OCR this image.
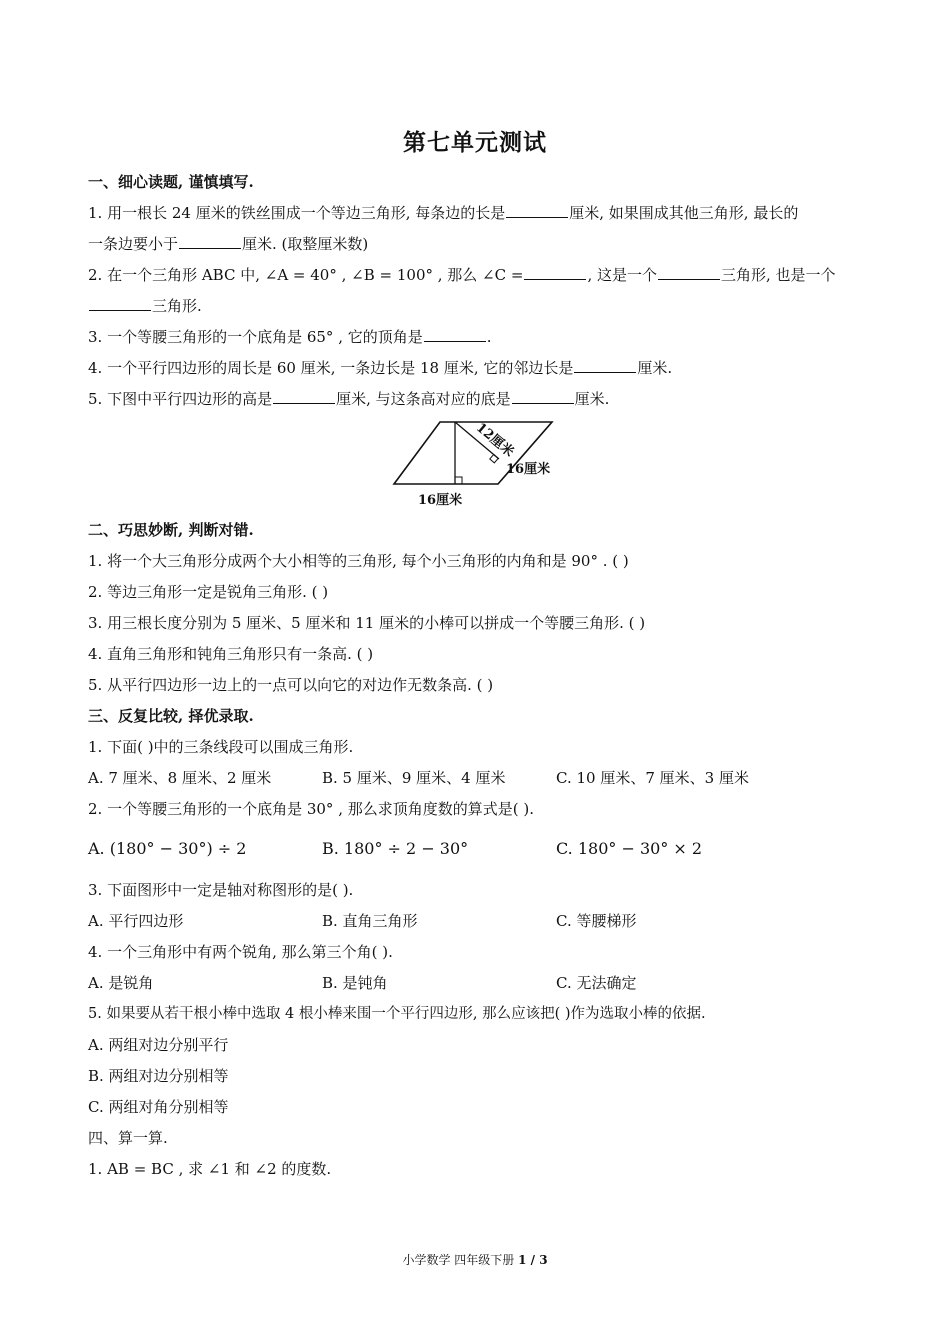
第七单元测试
一、细心读题, 谨慎填写.
1. 用一根长 24 厘米的铁丝围成一个等边三角形, 每条边的长是	厘米, 如果围成其他三角形, 最长的
一条边要小于	厘米. (取整厘米数)
2. 在一个三角形 ABC 中, ∠A = 40° , ∠B = 100° , 那么 ∠C =	, 这是一个	三角形, 也是一个
三角形.
3. 一个等腰三角形的一个底角是 65° , 它的顶角是	.
4. 一个平行四边形的周长是 60 厘米, 一条边长是 18 厘米, 它的邻边长是	厘米.
5. 下图中平行四边形的高是	厘米, 与这条高对应的底是	厘米.
12厘米
16厘米
16厘米
二、巧思妙断, 判断对错.
1. 将一个大三角形分成两个大小相等的三角形, 每个小三角形的内角和是 90° . ( )
2. 等边三角形一定是锐角三角形. ( )
3. 用三根长度分别为 5 厘米、5 厘米和 11 厘米的小棒可以拼成一个等腰三角形. ( )
4. 直角三角形和钝角三角形只有一条高. ( )
5. 从平行四边形一边上的一点可以向它的对边作无数条高. ( )
三、反复比较, 择优录取.
1. 下面( )中的三条线段可以围成三角形.
A. 7 厘米、8 厘米、2 厘米	B. 5 厘米、9 厘米、4 厘米	C. 10 厘米、7 厘米、3 厘米
2. 一个等腰三角形的一个底角是 30° , 那么求顶角度数的算式是( ).
A. (180° − 30°) ÷ 2	B. 180° ÷ 2 − 30°	C. 180° − 30° × 2
3. 下面图形中一定是轴对称图形的是( ).
A. 平行四边形	B. 直角三角形	C. 等腰梯形
4. 一个三角形中有两个锐角, 那么第三个角( ).
A. 是锐角	B. 是钝角	C. 无法确定
5. 如果要从若干根小棒中选取 4 根小棒来围一个平行四边形, 那么应该把( )作为选取小棒的依据.
A. 两组对边分别平行
B. 两组对边分别相等
C. 两组对角分别相等
四、算一算.
1. AB = BC , 求 ∠1 和 ∠2 的度数.
小学数学 四年级下册 1 / 3
